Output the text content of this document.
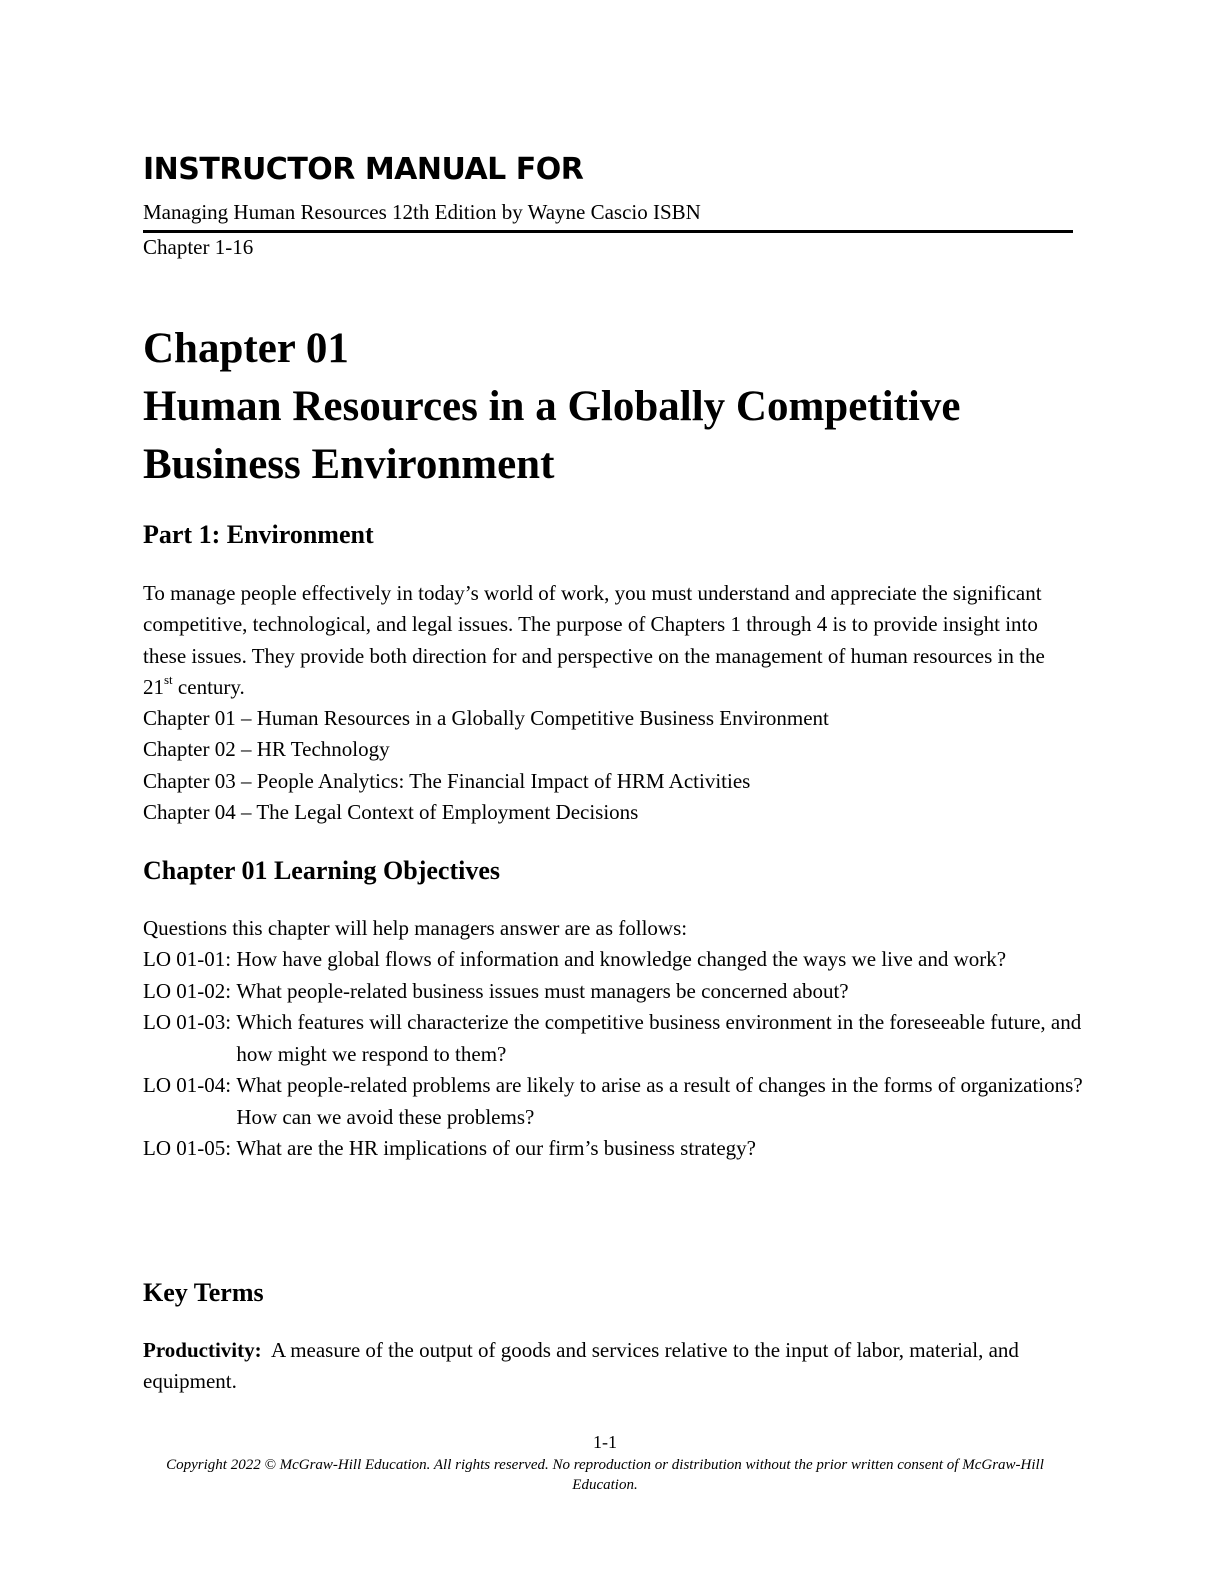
INSTRUCTOR MANUAL FOR
Managing Human Resources 12th Edition by Wayne Cascio ISBN
Chapter 1-16
Chapter 01
Human Resources in a Globally Competitive
Business Environment
Part 1: Environment

To manage people effectively in today’s world of work, you must understand and appreciate the significant competitive, technological, and legal issues. The purpose of Chapters 1 through 4 is to provide insight into these issues. They provide both direction for and perspective on the management of human resources in the 21st century.

Chapter 01 – Human Resources in a Globally Competitive Business Environment
Chapter 02 – HR Technology
Chapter 03 – People Analytics: The Financial Impact of HRM Activities
Chapter 04 – The Legal Context of Employment Decisions
Chapter 01 Learning Objectives

Questions this chapter will help managers answer are as follows:

LO 01-01: How have global flows of information and knowledge changed the ways we live and work?
LO 01-02: What people-related business issues must managers be concerned about?
LO 01-03: Which features will characterize the competitive business environment in the foreseeable future, and how might we respond to them?
LO 01-04: What people-related problems are likely to arise as a result of changes in the forms of organizations? How can we avoid these problems?
LO 01-05: What are the HR implications of our firm’s business strategy?
Key Terms

Productivity:  A measure of the output of goods and services relative to the input of labor, material, and equipment.

1-1
Copyright 2022 © McGraw-Hill Education. All rights reserved. No reproduction or distribution without the prior written consent of McGraw-Hill Education.
